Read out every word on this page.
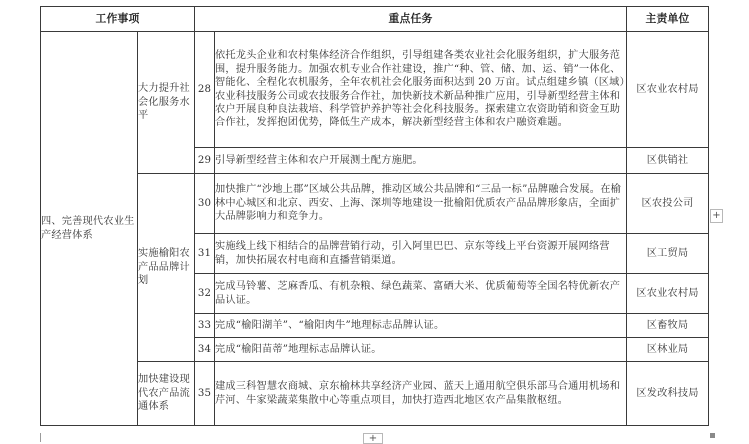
工作事项		重点任务		主责单位
四、完善现代农业生产经营体系	大力提升社会化服务水平	28	依托龙头企业和农村集体经济合作组织，引导组建各类农业社会化服务组织，扩大服务范围，提升服务能力。加强农机专业合作社建设，推广“种、管、储、加、运、销”一体化、智能化、全程化农机服务，全年农机社会化服务面积达到 20 万亩。试点组建乡镇（区域）农业科技服务公司或农技服务合作社，加快新技术新品种推广应用，引导新型经营主体和农户开展良种良法栽培、科学管护养护等社会化科技服务。探索建立农资助销和资金互助合作社，发挥抱团优势，降低生产成本，解决新型经营主体和农户融资难题。	区农业农村局
		29	引导新型经营主体和农户开展测土配方施肥。	区供销社
	实施榆阳农产品品牌计划	30	加快推广“沙地上郡”区域公共品牌，推动区域公共品牌和“三品一标”品牌融合发展。在榆林中心城区和北京、西安、上海、深圳等地建设一批榆阳优质农产品品牌形象店，全面扩大品牌影响力和竞争力。	区农投公司
		31	实施线上线下相结合的品牌营销行动，引入阿里巴巴、京东等线上平台资源开展网络营销，加快拓展农村电商和直播营销渠道。	区工贸局
		32	完成马铃薯、芝麻香瓜、有机杂粮、绿色蔬菜、富硒大米、优质葡萄等全国名特优新农产品认证。	区农业农村局
		33	完成“榆阳湖羊”、“榆阳肉牛”地理标志品牌认证。	区畜牧局
		34	完成“榆阳苗蒂”地理标志品牌认证。	区林业局
	加快建设现代农产品流通体系	35	建成三科智慧农商城、京东榆林共享经济产业园、蓝天上通用航空俱乐部马合通用机场和芹河、牛家梁蔬菜集散中心等重点项目，加快打造西北地区农产品集散枢纽。	区发改科技局
+
+
